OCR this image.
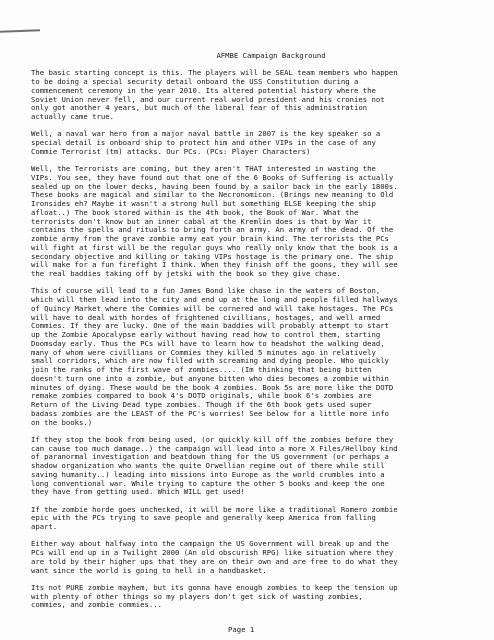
AFMBE Campaign Background

The basic starting concept is this. The players will be SEAL team members who happen
to be doing a special security detail onboard the USS Constitution during a
commencement ceremony in the year 2010. Its altered potential history where the
Soviet Union never fell, and our current real world president and his cronies not
only got another 4 years, but much of the liberal fear of this administration
actually came true.

Well, a naval war hero from a major naval battle in 2007 is the key speaker so a
special detail is onboard ship to protect him and other VIPs in the case of any
Commie Terrorist (tm) attacks. Our PCs. (PCs: Player Characters)

Well, the Terrorists are coming, but they aren't THAT interested in wasting the
VIPs. You see, they have found out that one of the 6 Books of Suffering is actually
sealed up on the lower decks, having been found by a sailor back in the early 1800s.
These books are magical and similar to the Necronomicon. (Brings new meaning to Old
Ironsides eh? Maybe it wasn't a strong hull but something ELSE keeping the ship
afloat..) The book stored within is the 4th book, the Book of War. What the
terrorists don't know but an inner cabal at the Kremlin does is that by War it
contains the spells and rituals to bring forth an army. An army of the dead. Of the
zombie army from the grave zombie army eat your brain kind. The terrorists the PCs
will fight at first will be the regular guys who really only know that the book is a
secondary objective and killing or taking VIPs hostage is the primary one. The ship
will make for a fun firefight I think. When they finish off the goons, they will see
the real baddies taking off by jetski with the book so they give chase.

This of course will lead to a fun James Bond like chase in the waters of Boston,
which will then lead into the city and end up at the long and people filled hallways
of Quincy Market where the Commies will be cornered and will take hostages. The PCs
will have to deal with hordes of frightened civillians, hostages, and well armed
Commies. If they are lucky. One of the main baddies will probably attempt to start
up the Zombie Apocalypse early without having read how to control them, starting
Doomsday early. Thus the PCs will have to learn how to headshot the walking dead,
many of whom were civillians or Commies they killed 5 minutes ago in relatively
small corridors, which are now filled with screaming and dying people. Who quickly
join the ranks of the first wave of zombies.... (Im thinking that being bitten
doesn't turn one into a zombie, but anyone bitten who dies becomes a zombie within
minutes of dying. These would be the book 4 zombies. Book 5s are more like the DOTD
remake zombies compared to book 4's DOTD originals, while book 6's zombies are
Return of the Living Dead type zombies. Though if the 6th book gets used super
badass zombies are the LEAST of the PC's worries! See below for a little more info
on the books.)

If they stop the book from being used, (or quickly kill off the zombies before they
can cause too much damage..) the campaign will lead into a more X Files/Hellboy kind
of paranormal investigation and beatdown thing for the US government (or perhaps a
shadow organization who wants the quite Orwellian regime out of there while still
saving humanity..) leading into missions into Europe as the world crumbles into a
long conventional war. While trying to capture the other 5 books and keep the one
they have from getting used. Which WILL get used!

If the zombie horde goes unchecked, it will be more like a traditional Romero zombie
epic with the PCs trying to save people and generally keep America from falling
apart.

Either way about halfway into the campaign the US Government will break up and the
PCs will end up in a Twilight 2000 (An old obscurish RPG) like situation where they
are told by their higher ups that they are on their own and are free to do what they
want since the world is going to hell in a handbasket.

Its not PURE zombie mayhem, but its gonna have enough zombies to keep the tension up
with plenty of other things so my players don't get sick of wasting zombies,
commies, and zombie commies...

Page 1
